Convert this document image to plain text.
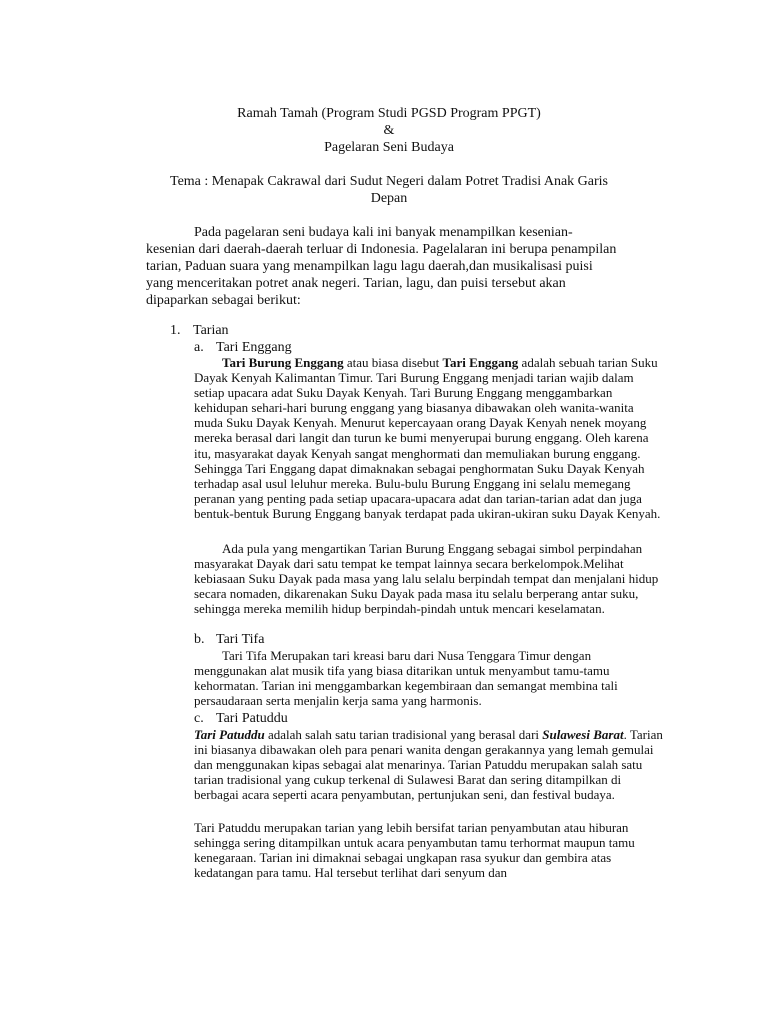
Ramah Tamah (Program Studi PGSD Program PPGT)
&
Pagelaran Seni Budaya
Tema : Menapak Cakrawal dari Sudut Negeri dalam Potret Tradisi Anak Garis
Depan
Pada pagelaran seni budaya kali ini banyak menampilkan kesenian-kesenian dari daerah-daerah terluar di Indonesia. Pagelalaran ini berupa penampilan tarian, Paduan suara yang menampilkan lagu lagu daerah,dan musikalisasi puisi yang menceritakan potret anak negeri. Tarian, lagu, dan puisi tersebut akan dipaparkan sebagai berikut:
1. Tarian
a. Tari Enggang
Tari Burung Enggang atau biasa disebut Tari Enggang adalah sebuah tarian Suku Dayak Kenyah Kalimantan Timur. Tari Burung Enggang menjadi tarian wajib dalam setiap upacara adat Suku Dayak Kenyah. Tari Burung Enggang menggambarkan kehidupan sehari-hari burung enggang yang biasanya dibawakan oleh wanita-wanita muda Suku Dayak Kenyah. Menurut kepercayaan orang Dayak Kenyah nenek moyang mereka berasal dari langit dan turun ke bumi menyerupai burung enggang. Oleh karena itu, masyarakat dayak Kenyah sangat menghormati dan memuliakan burung enggang. Sehingga Tari Enggang dapat dimaknakan sebagai penghormatan Suku Dayak Kenyah terhadap asal usul leluhur mereka. Bulu-bulu Burung Enggang ini selalu memegang peranan yang penting pada setiap upacara-upacara adat dan tarian-tarian adat dan juga bentuk-bentuk Burung Enggang banyak terdapat pada ukiran-ukiran suku Dayak Kenyah.
Ada pula yang mengartikan Tarian Burung Enggang sebagai simbol perpindahan masyarakat Dayak dari satu tempat ke tempat lainnya secara berkelompok.Melihat kebiasaan Suku Dayak pada masa yang lalu selalu berpindah tempat dan menjalani hidup secara nomaden, dikarenakan Suku Dayak pada masa itu selalu berperang antar suku, sehingga mereka memilih hidup berpindah-pindah untuk mencari keselamatan.
b. Tari Tifa
Tari Tifa Merupakan tari kreasi baru dari Nusa Tenggara Timur dengan menggunakan alat musik tifa yang biasa ditarikan untuk menyambut tamu-tamu kehormatan. Tarian ini menggambarkan kegembiraan dan semangat membina tali persaudaraan serta menjalin kerja sama yang harmonis.
c. Tari Patuddu
Tari Patuddu adalah salah satu tarian tradisional yang berasal dari Sulawesi Barat. Tarian ini biasanya dibawakan oleh para penari wanita dengan gerakannya yang lemah gemulai dan menggunakan kipas sebagai alat menarinya. Tarian Patuddu merupakan salah satu tarian tradisional yang cukup terkenal di Sulawesi Barat dan sering ditampilkan di berbagai acara seperti acara penyambutan, pertunjukan seni, dan festival budaya.
Tari Patuddu merupakan tarian yang lebih bersifat tarian penyambutan atau hiburan sehingga sering ditampilkan untuk acara penyambutan tamu terhormat maupun tamu kenegaraan. Tarian ini dimaknai sebagai ungkapan rasa syukur dan gembira atas kedatangan para tamu. Hal tersebut terlihat dari senyum dan
